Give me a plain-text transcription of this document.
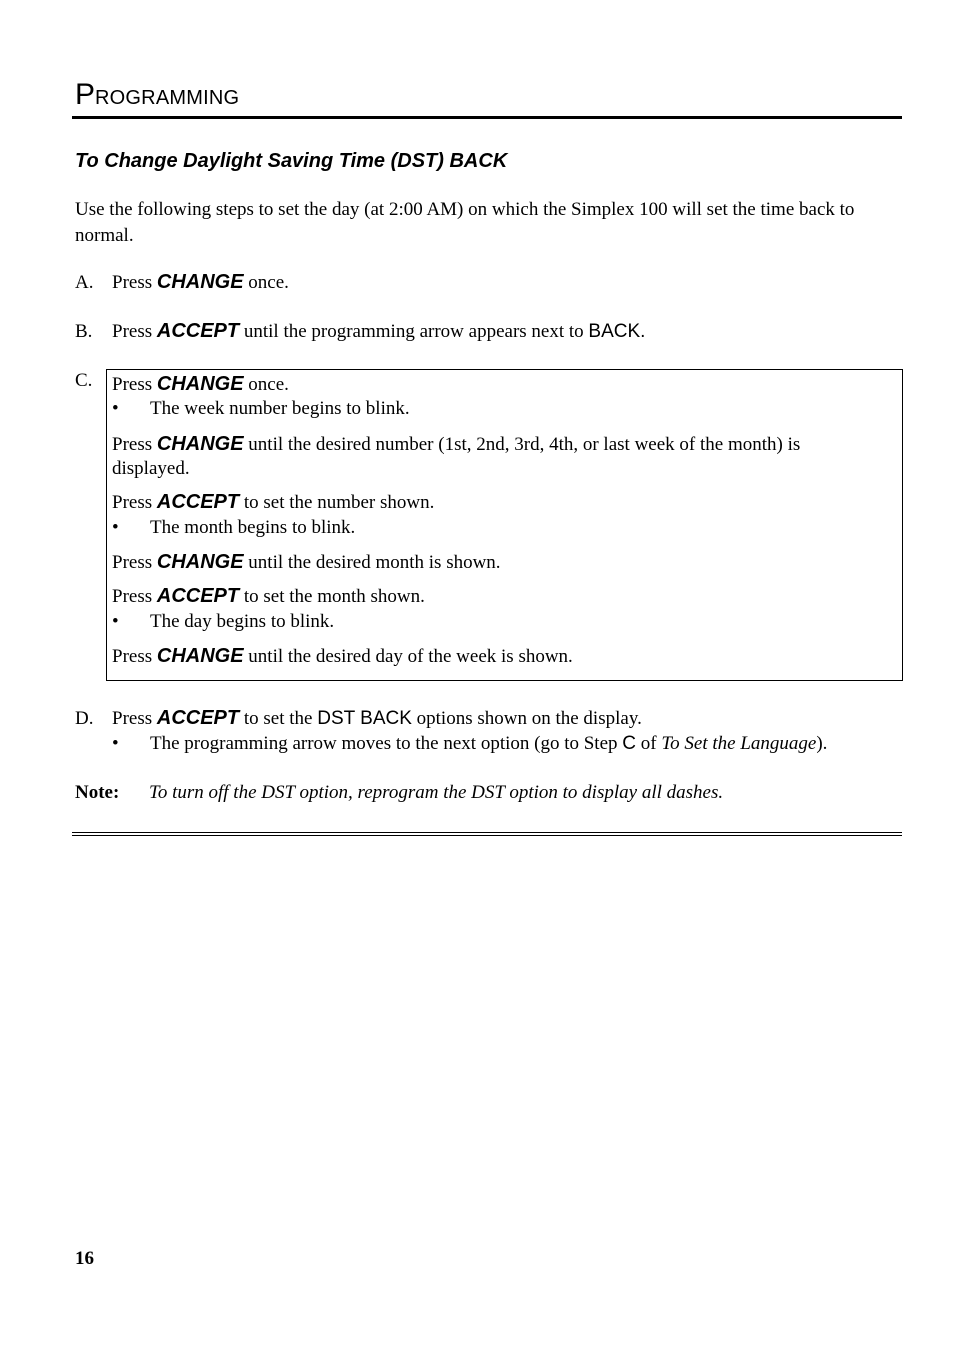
PROGRAMMING
To Change Daylight Saving Time (DST) BACK
Use the following steps to set the day (at 2:00 AM) on which the Simplex 100 will set the time back to normal.
A. Press CHANGE once.
B. Press ACCEPT until the programming arrow appears next to BACK.
C. Press CHANGE once.
• The week number begins to blink.
Press CHANGE until the desired number (1st, 2nd, 3rd, 4th, or last week of the month) is
displayed.
Press ACCEPT to set the number shown.
• The month begins to blink.
Press CHANGE until the desired month is shown.
Press ACCEPT to set the month shown.
• The day begins to blink.
Press CHANGE until the desired day of the week is shown.
D. Press ACCEPT to set the DST BACK options shown on the display.
• The programming arrow moves to the next option (go to Step C of To Set the Language).
Note: To turn off the DST option, reprogram the DST option to display all dashes.
16
